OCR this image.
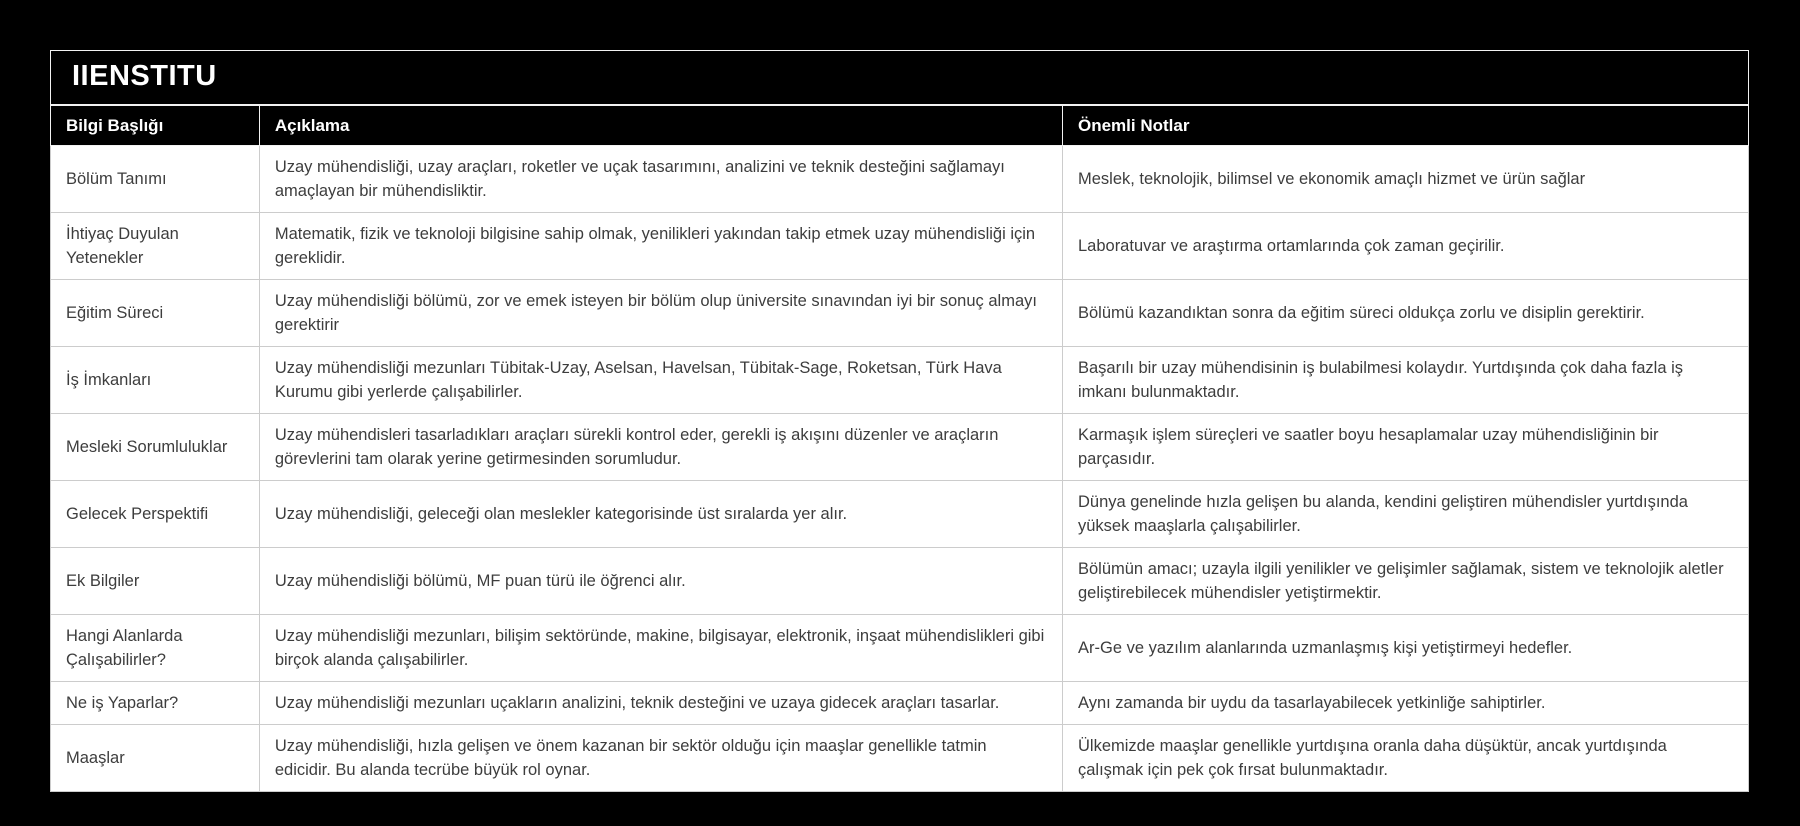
IIENSTITU
Bilgi Başlığı	Açıklama	Önemli Notlar
Bölüm Tanımı	Uzay mühendisliği, uzay araçları, roketler ve uçak tasarımını, analizini ve teknik desteğini sağlamayı amaçlayan bir mühendisliktir.	Meslek, teknolojik, bilimsel ve ekonomik amaçlı hizmet ve ürün sağlar
İhtiyaç Duyulan Yetenekler	Matematik, fizik ve teknoloji bilgisine sahip olmak, yenilikleri yakından takip etmek uzay mühendisliği için gereklidir.	Laboratuvar ve araştırma ortamlarında çok zaman geçirilir.
Eğitim Süreci	Uzay mühendisliği bölümü, zor ve emek isteyen bir bölüm olup üniversite sınavından iyi bir sonuç almayı gerektirir	Bölümü kazandıktan sonra da eğitim süreci oldukça zorlu ve disiplin gerektirir.
İş İmkanları	Uzay mühendisliği mezunları Tübitak-Uzay, Aselsan, Havelsan, Tübitak-Sage, Roketsan, Türk Hava Kurumu gibi yerlerde çalışabilirler.	Başarılı bir uzay mühendisinin iş bulabilmesi kolaydır. Yurtdışında çok daha fazla iş imkanı bulunmaktadır.
Mesleki Sorumluluklar	Uzay mühendisleri tasarladıkları araçları sürekli kontrol eder, gerekli iş akışını düzenler ve araçların görevlerini tam olarak yerine getirmesinden sorumludur.	Karmaşık işlem süreçleri ve saatler boyu hesaplamalar uzay mühendisliğinin bir parçasıdır.
Gelecek Perspektifi	Uzay mühendisliği, geleceği olan meslekler kategorisinde üst sıralarda yer alır.	Dünya genelinde hızla gelişen bu alanda, kendini geliştiren mühendisler yurtdışında yüksek maaşlarla çalışabilirler.
Ek Bilgiler	Uzay mühendisliği bölümü, MF puan türü ile öğrenci alır.	Bölümün amacı; uzayla ilgili yenilikler ve gelişimler sağlamak, sistem ve teknolojik aletler geliştirebilecek mühendisler yetiştirmektir.
Hangi Alanlarda Çalışabilirler?	Uzay mühendisliği mezunları, bilişim sektöründe, makine, bilgisayar, elektronik, inşaat mühendislikleri gibi birçok alanda çalışabilirler.	Ar-Ge ve yazılım alanlarında uzmanlaşmış kişi yetiştirmeyi hedefler.
Ne iş Yaparlar?	Uzay mühendisliği mezunları uçakların analizini, teknik desteğini ve uzaya gidecek araçları tasarlar.	Aynı zamanda bir uydu da tasarlayabilecek yetkinliğe sahiptirler.
Maaşlar	Uzay mühendisliği, hızla gelişen ve önem kazanan bir sektör olduğu için maaşlar genellikle tatmin edicidir. Bu alanda tecrübe büyük rol oynar.	Ülkemizde maaşlar genellikle yurtdışına oranla daha düşüktür, ancak yurtdışında çalışmak için pek çok fırsat bulunmaktadır.
